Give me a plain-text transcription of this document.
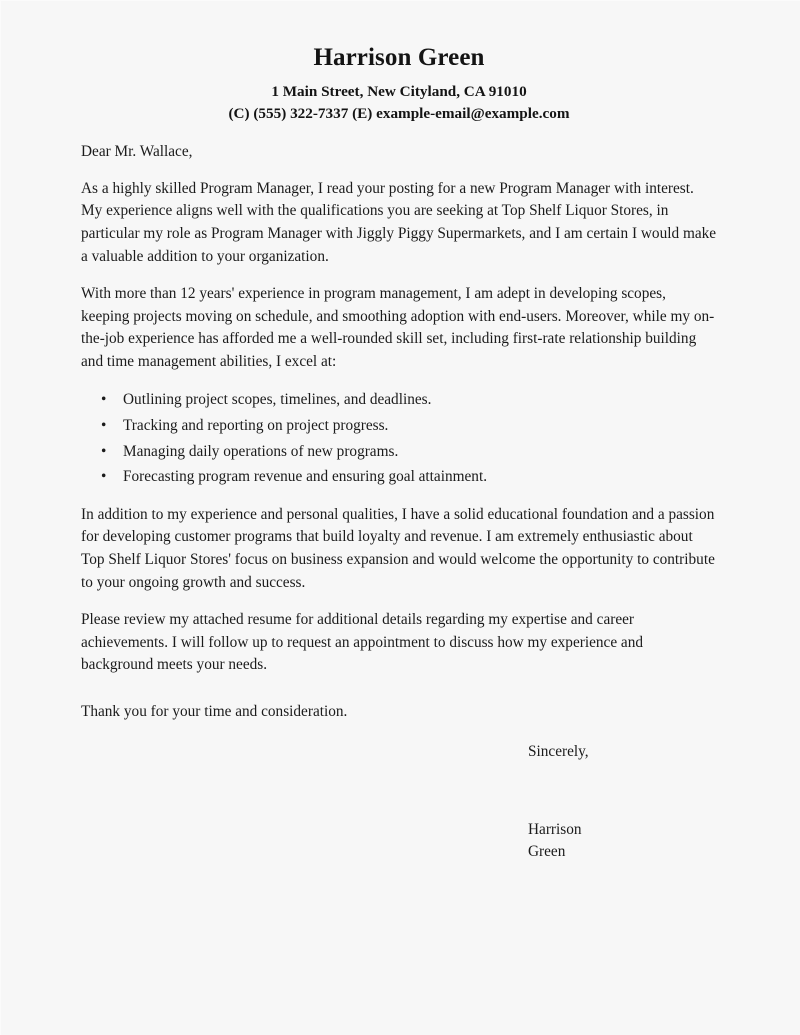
Harrison Green

1 Main Street, New Cityland, CA 91010

(C) (555) 322-7337 (E) example-email@example.com

Dear Mr. Wallace,

As a highly skilled Program Manager, I read your posting for a new Program Manager with interest. My experience aligns well with the qualifications you are seeking at Top Shelf Liquor Stores, in particular my role as Program Manager with Jiggly Piggy Supermarkets, and I am certain I would make a valuable addition to your organization.

With more than 12 years' experience in program management, I am adept in developing scopes, keeping projects moving on schedule, and smoothing adoption with end-users. Moreover, while my on-the-job experience has afforded me a well-rounded skill set, including first-rate relationship building and time management abilities, I excel at:

• Outlining project scopes, timelines, and deadlines.
• Tracking and reporting on project progress.
• Managing daily operations of new programs.
• Forecasting program revenue and ensuring goal attainment.

In addition to my experience and personal qualities, I have a solid educational foundation and a passion for developing customer programs that build loyalty and revenue. I am extremely enthusiastic about Top Shelf Liquor Stores' focus on business expansion and would welcome the opportunity to contribute to your ongoing growth and success.

Please review my attached resume for additional details regarding my expertise and career achievements. I will follow up to request an appointment to discuss how my experience and background meets your needs.

Thank you for your time and consideration.

Sincerely,

Harrison

Green
